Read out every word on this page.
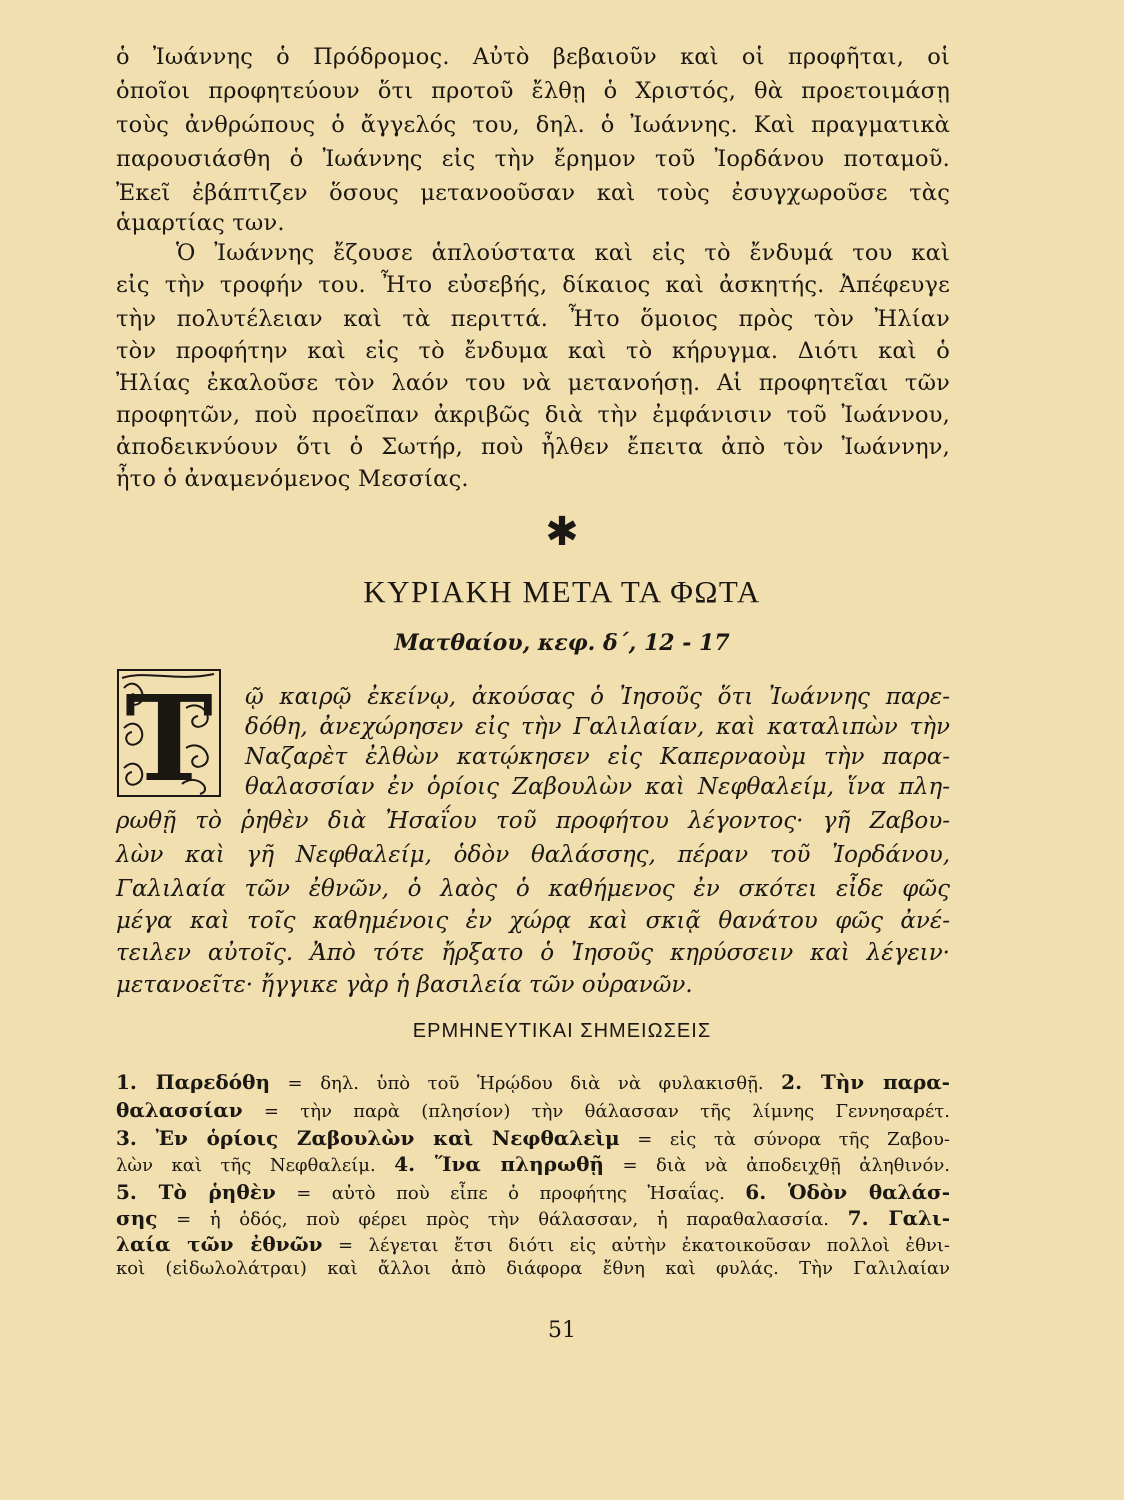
ὁ Ἰωάννης ὁ Πρόδρομος. Αὐτὸ βεβαιοῦν καὶ οἱ προφῆται, οἱ

ὁποῖοι προφητεύουν ὅτι προτοῦ ἔλθῃ ὁ Χριστός, θὰ προετοιμάσῃ

τοὺς ἀνθρώπους ὁ ἄγγελός του, δηλ. ὁ Ἰωάννης. Καὶ πραγματικὰ

παρουσιάσθη ὁ Ἰωάννης εἰς τὴν ἔρημον τοῦ Ἰορδάνου ποταμοῦ.

Ἐκεῖ ἐβάπτιζεν ὅσους μετανοοῦσαν καὶ τοὺς ἐσυγχωροῦσε τὰς

ἁμαρτίας των.

Ὁ Ἰωάννης ἔζουσε ἁπλούστατα καὶ εἰς τὸ ἔνδυμά του καὶ

εἰς τὴν τροφήν του. Ἦτο εὐσεβής, δίκαιος καὶ ἀσκητής. Ἀπέφευγε

τὴν πολυτέλειαν καὶ τὰ περιττά. Ἦτο ὅμοιος πρὸς τὸν Ἠλίαν

τὸν προφήτην καὶ εἰς τὸ ἔνδυμα καὶ τὸ κήρυγμα. Διότι καὶ ὁ

Ἠλίας ἐκαλοῦσε τὸν λαόν του νὰ μετανοήσῃ. Αἱ προφητεῖαι τῶν

προφητῶν, ποὺ προεῖπαν ἀκριβῶς διὰ τὴν ἐμφάνισιν τοῦ Ἰωάννου,

ἀποδεικνύουν ὅτι ὁ Σωτήρ, ποὺ ἦλθεν ἔπειτα ἀπὸ τὸν Ἰωάννην,

ἦτο ὁ ἀναμενόμενος Μεσσίας.

✱
ΚΥΡΙΑΚΗ ΜΕΤΑ ΤΑ ΦΩΤΑ
Ματθαίου, κεφ. δ΄, 12 - 17
Τ ῷ καιρῷ ἐκείνῳ, ἀκούσας ὁ Ἰησοῦς ὅτι Ἰωάννης παρε-

δόθη, ἀνεχώρησεν εἰς τὴν Γαλιλαίαν, καὶ καταλιπὼν τὴν

Ναζαρὲτ ἐλθὼν κατῴκησεν εἰς Καπερναοὺμ τὴν παρα-

θαλασσίαν ἐν ὁρίοις Ζαβουλὼν καὶ Νεφθαλείμ, ἵνα πλη-

ρωθῇ τὸ ῥηθὲν διὰ Ἠσαΐου τοῦ προφήτου λέγοντος· γῆ Ζαβου-

λὼν καὶ γῆ Νεφθαλείμ, ὁδὸν θαλάσσης, πέραν τοῦ Ἰορδάνου,

Γαλιλαία τῶν ἐθνῶν, ὁ λαὸς ὁ καθήμενος ἐν σκότει εἶδε φῶς

μέγα καὶ τοῖς καθημένοις ἐν χώρᾳ καὶ σκιᾷ θανάτου φῶς ἀνέ-

τειλεν αὐτοῖς. Ἀπὸ τότε ἤρξατο ὁ Ἰησοῦς κηρύσσειν καὶ λέγειν·

μετανοεῖτε· ἤγγικε γὰρ ἡ βασιλεία τῶν οὐρανῶν.

ΕΡΜΗΝΕΥΤΙΚΑΙ ΣΗΜΕΙΩΣΕΙΣ

1. Παρεδόθη = δηλ. ὑπὸ τοῦ Ἡρῴδου διὰ νὰ φυλακισθῇ. 2. Τὴν παρα-

θαλασσίαν = τὴν παρὰ (πλησίον) τὴν θάλασσαν τῆς λίμνης Γεννησαρέτ.

3. Ἐν ὁρίοις Ζαβουλὼν καὶ Νεφθαλεὶμ = εἰς τὰ σύνορα τῆς Ζαβου-

λὼν καὶ τῆς Νεφθαλείμ. 4. Ἵνα πληρωθῇ = διὰ νὰ ἀποδειχθῇ ἀληθινόν.

5. Τὸ ῥηθὲν = αὐτὸ ποὺ εἶπε ὁ προφήτης Ἠσαΐας. 6. Ὁδὸν θαλάσ-

σης = ἡ ὁδός, ποὺ φέρει πρὸς τὴν θάλασσαν, ἡ παραθαλασσία. 7. Γαλι-

λαία τῶν ἐθνῶν = λέγεται ἔτσι διότι εἰς αὐτὴν ἐκατοικοῦσαν πολλοὶ ἐθνι-

κοὶ (εἰδωλολάτραι) καὶ ἄλλοι ἀπὸ διάφορα ἔθνη καὶ φυλάς. Τὴν Γαλιλαίαν

51
